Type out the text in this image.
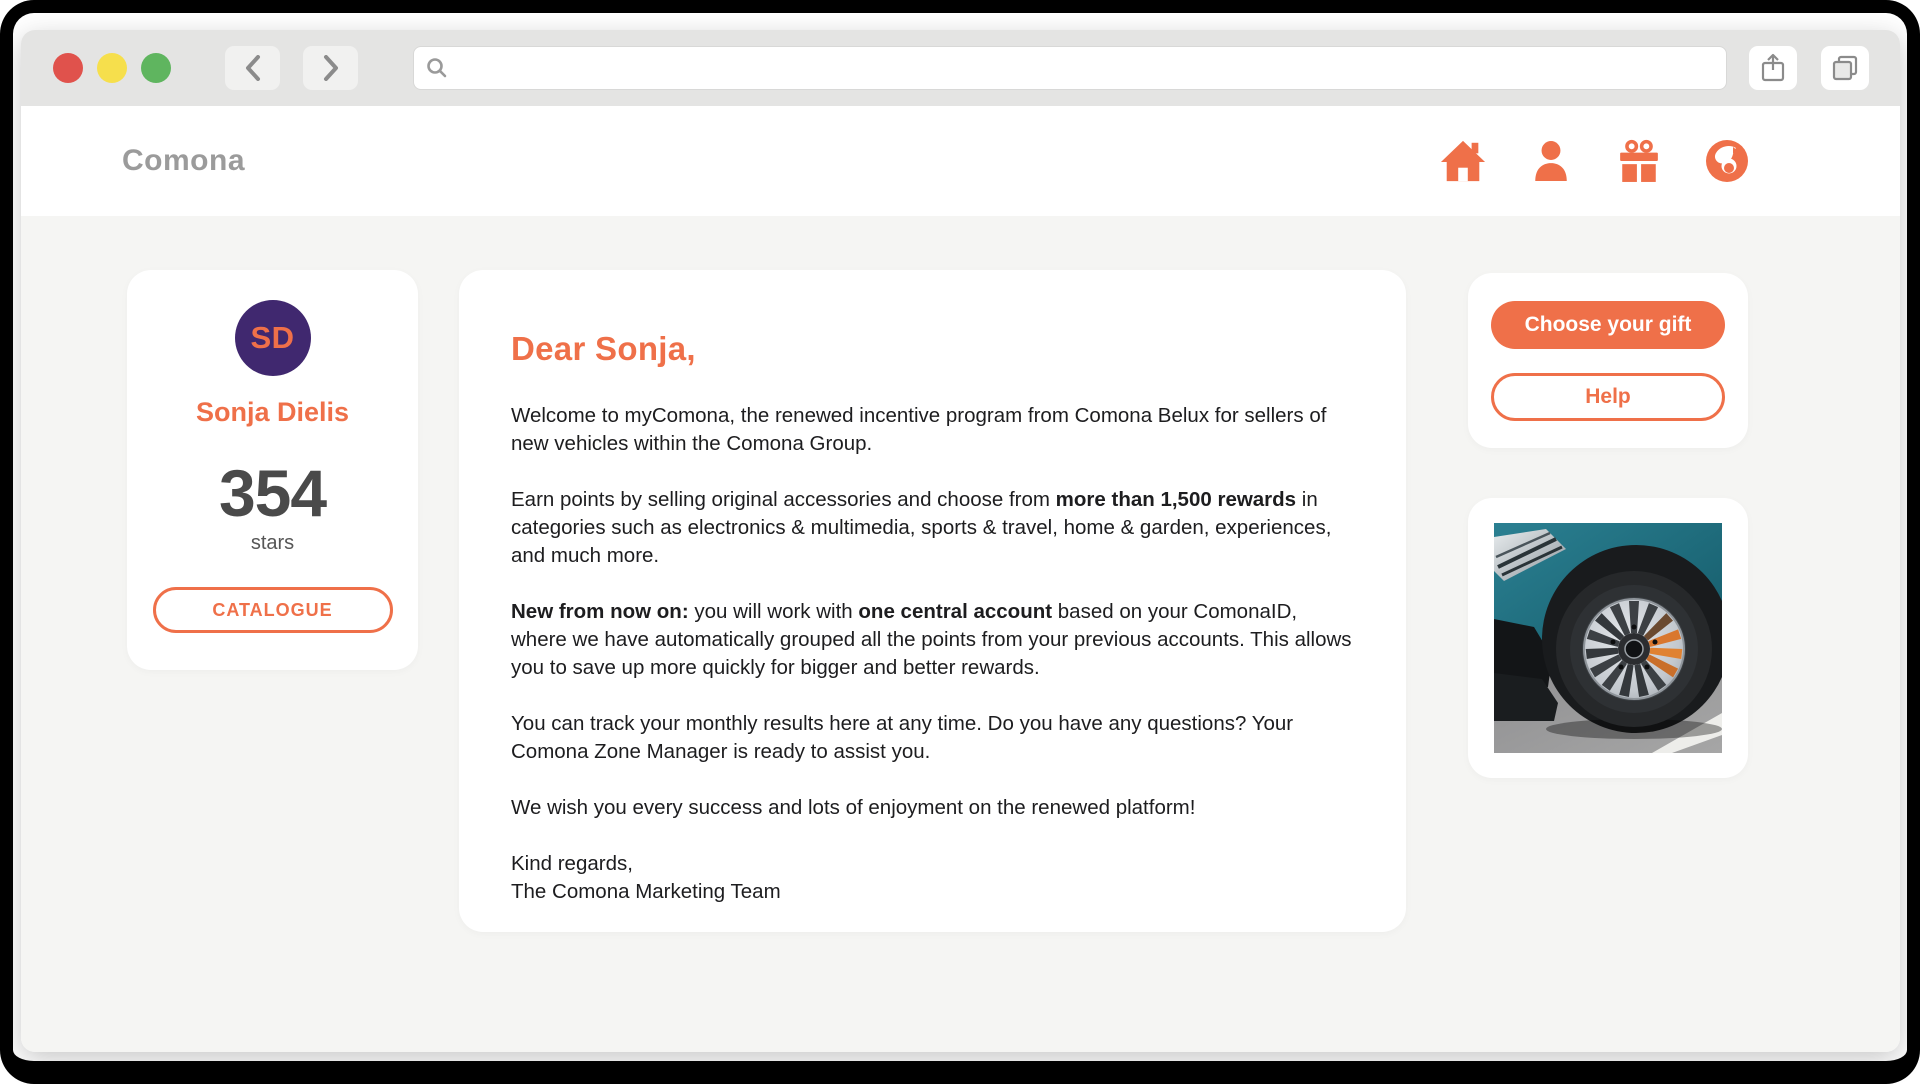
Comona
SD
Sonja Dielis
354
stars
CATALOGUE
Dear Sonja,

Welcome to myComona, the renewed incentive program from Comona Belux for sellers of new vehicles within the Comona Group.

Earn points by selling original accessories and choose from more than 1,500 rewards in categories such as electronics & multimedia, sports & travel, home & garden, experiences, and much more.

New from now on: you will work with one central account based on your ComonaID, where we have automatically grouped all the points from your previous accounts. This allows you to save up more quickly for bigger and better rewards.

You can track your monthly results here at any time. Do you have any questions? Your Comona Zone Manager is ready to assist you.

We wish you every success and lots of enjoyment on the renewed platform!

Kind regards,
The Comona Marketing Team

Choose your gift
Help
